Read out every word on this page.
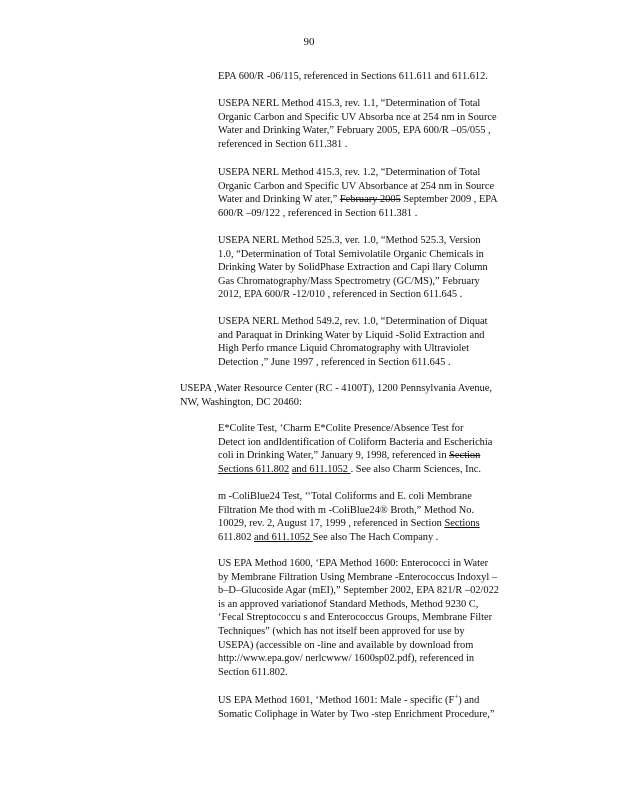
90
EPA 600/R -06/115, referenced in Sections 611.611 and 611.612.
USEPA NERL Method 415.3, rev. 1.1, “Determination of Total
Organic Carbon and Specific UV Absorba nce at 254 nm in Source
Water and Drinking Water,” February 2005, EPA 600/R –05/055 ,
referenced in Section 611.381 .
USEPA NERL Method 415.3, rev. 1.2, “Determination of Total
Organic Carbon and Specific UV Absorbance at 254 nm in Source
Water and Drinking W ater,” February 2005 September 2009 , EPA
600/R –09/122 , referenced in Section 611.381 .
USEPA NERL Method 525.3, ver. 1.0, “Method 525.3, Version
1.0, “Determination of Total Semivolatile Organic Chemicals in
Drinking Water by SolidPhase Extraction and Capi llary Column
Gas Chromatography/Mass Spectrometry (GC/MS),” February
2012, EPA 600/R -12/010 , referenced in Section 611.645 .
USEPA NERL Method 549.2, rev. 1.0, “Determination of Diquat
and Paraquat in Drinking Water by Liquid -Solid Extraction and
High Perfo rmance Liquid Chromatography with Ultraviolet
Detection ,” June 1997 , referenced in Section 611.645 .
USEPA ,Water Resource Center (RC - 4100T), 1200 Pennsylvania Avenue,
NW, Washington, DC 20460:
E*Colite Test, ‘Charm E*Colite Presence/Absence Test for
Detect ion andIdentification of Coliform Bacteria and Escherichia
coli in Drinking Water,” January 9, 1998, referenced in Section
Sections 611.802 and 611.1052 . See also Charm Sciences, Inc.
m -ColiBlue24 Test, ‘‘Total Coliforms and E. coli Membrane
Filtration Me thod with m -ColiBlue24® Broth,” Method No.
10029, rev. 2, August 17, 1999 , referenced in Section Sections
611.802 and 611.1052 See also The Hach Company .
US EPA Method 1600, ‘EPA Method 1600: Enterococci in Water
by Membrane Filtration Using Membrane -Enterococcus Indoxyl –
b–D–Glucoside Agar (mEI),” September 2002, EPA 821/R –02/022
is an approved variationof Standard Methods, Method 9230 C,
‘Fecal Streptococcu s and Enterococcus Groups, Membrane Filter
Techniques” (which has not itself been approved for use by
USEPA) (accessible on -line and available by download from
http://www.epa.gov/ nerlcwww/ 1600sp02.pdf), referenced in
Section 611.802.
US EPA Method 1601, ‘Method 1601: Male - specific (F+) and
Somatic Coliphage in Water by Two -step Enrichment Procedure,”
